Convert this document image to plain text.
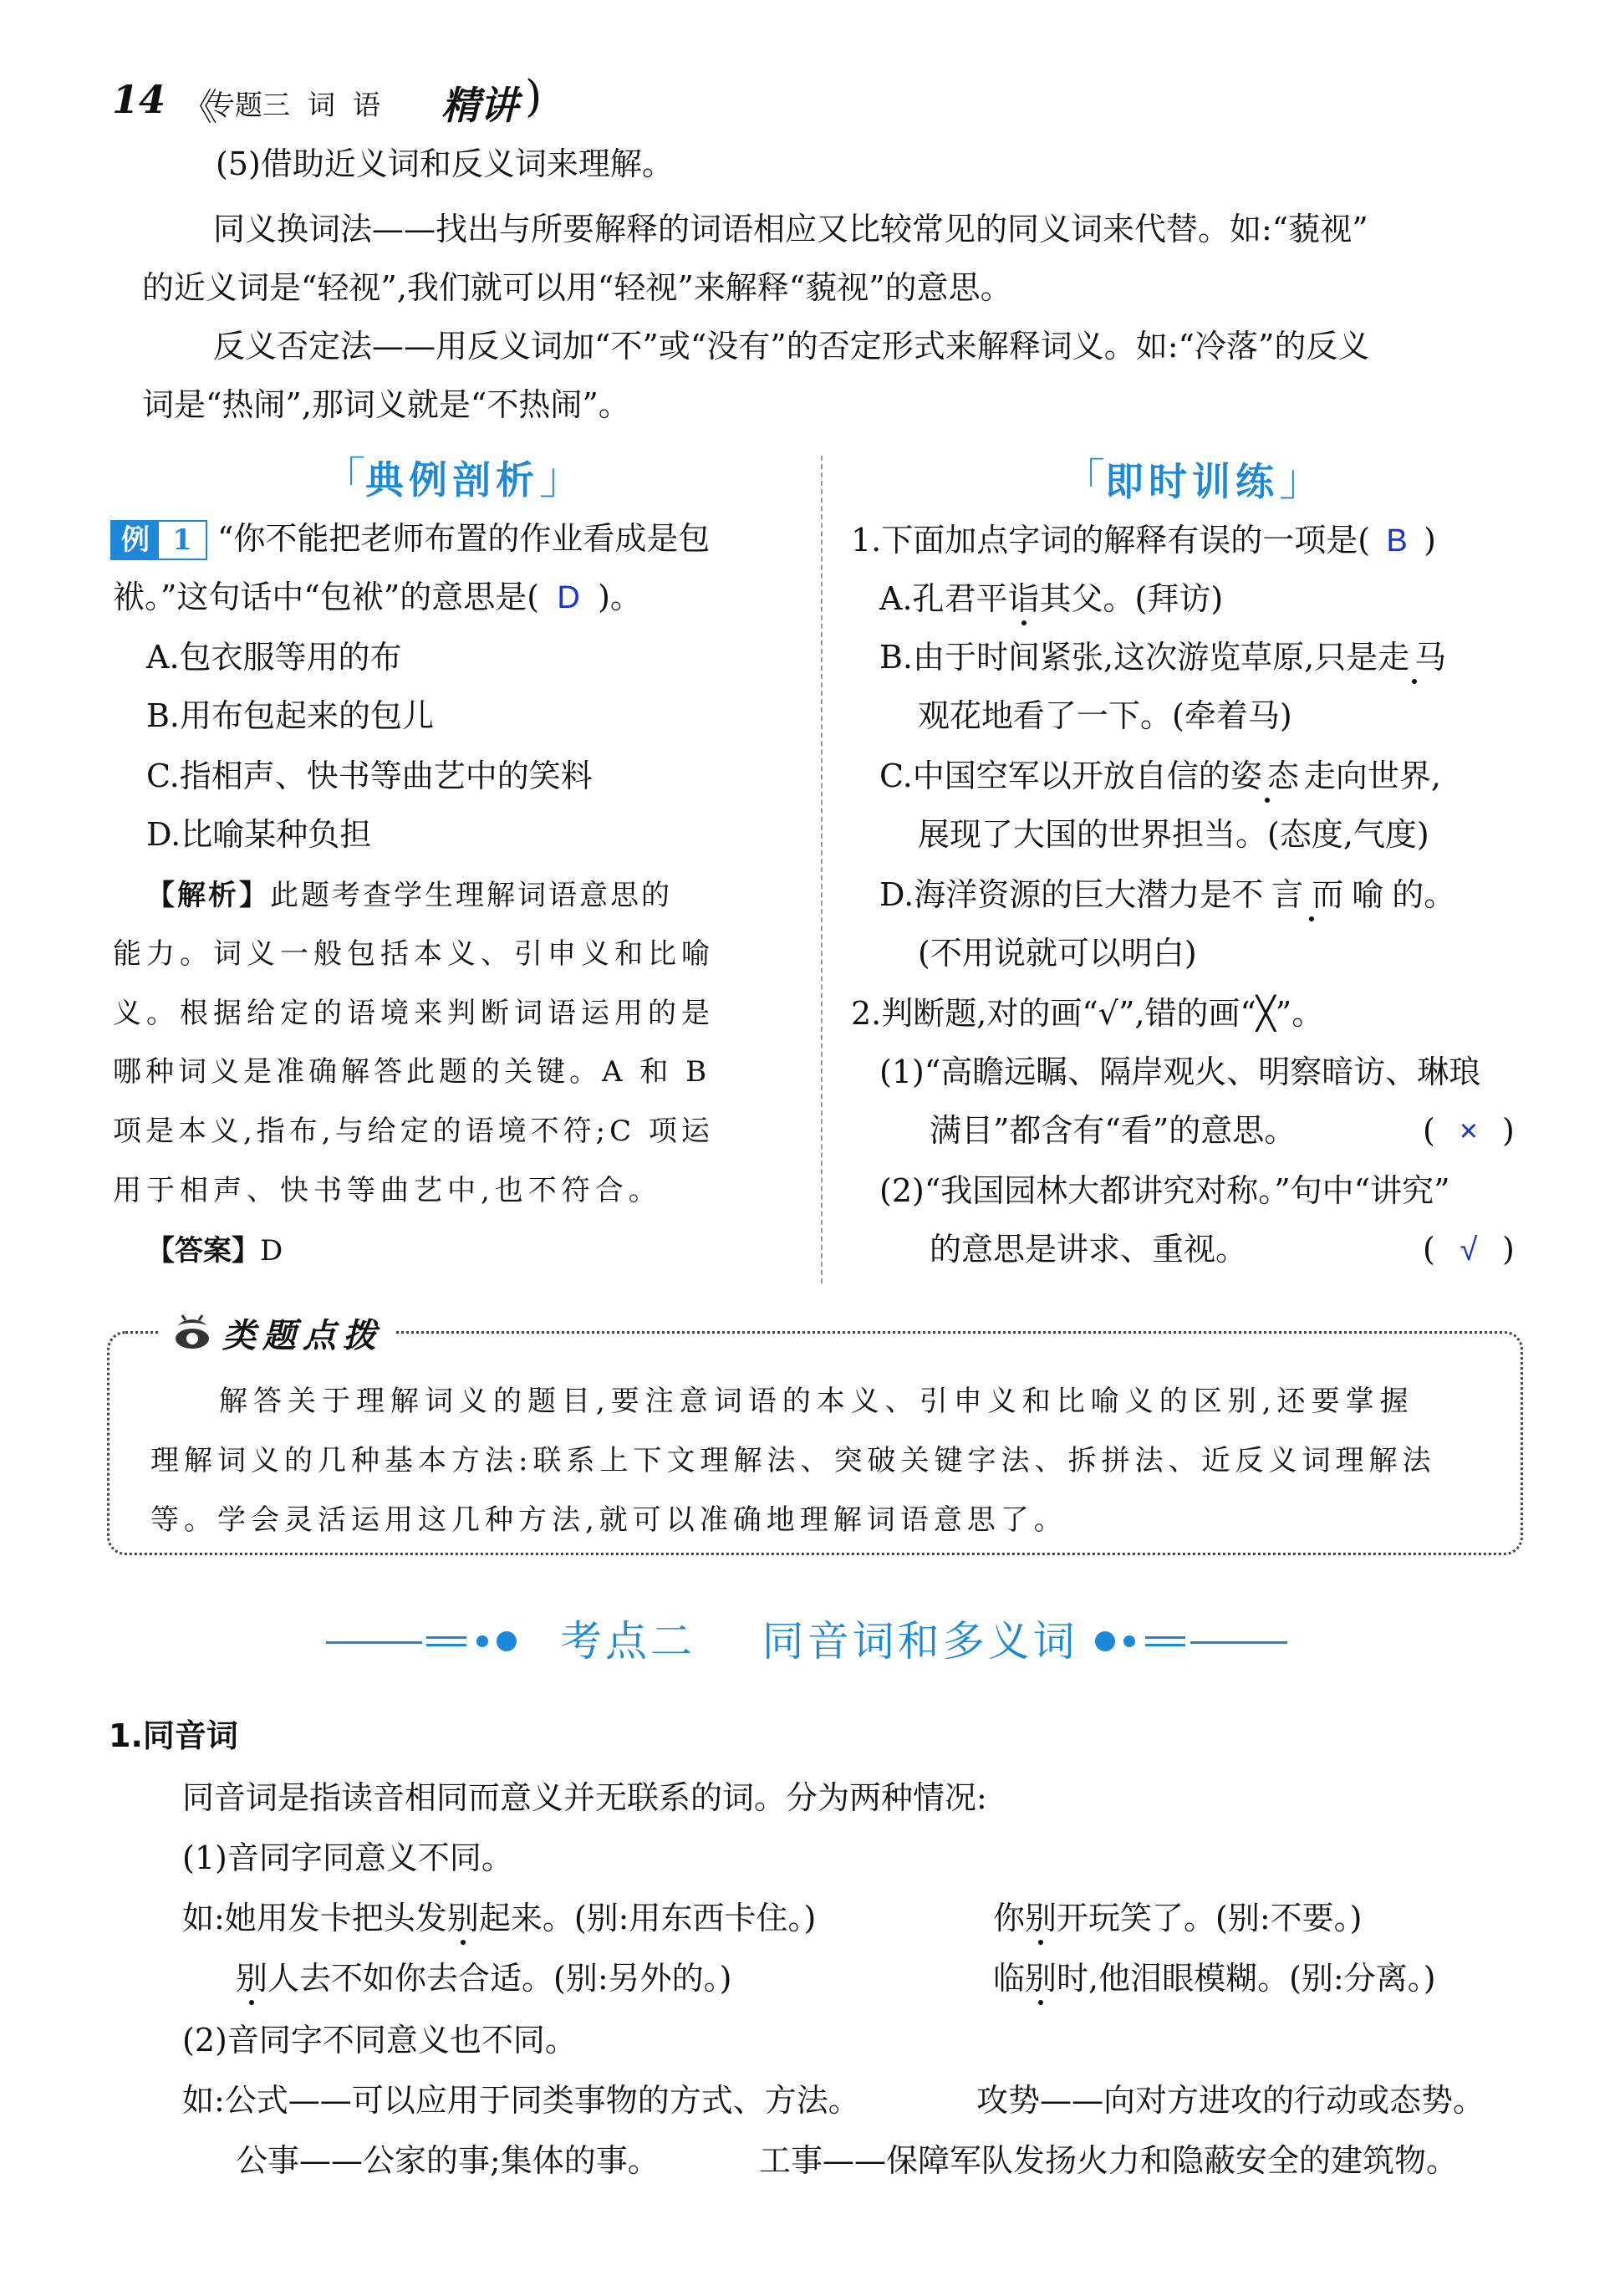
14 《
专题三  词  语 精讲 )
(5)借助近义词和反义词来理解。
同义换词法——找出与所要解释的词语相应又比较常见的同义词来代替。如:“藐视”
的近义词是“轻视”,我们就可以用“轻视”来解释“藐视”的意思。
反义否定法——用反义词加“不”或“没有”的否定形式来解释词义。如:“冷落”的反义
词是“热闹”,那词义就是“不热闹”。
「典例剖析」
例 1 “你不能把老师布置的作业看成是包
袱。”这句话中“包袱”的意思是( D )。
A.包衣服等用的布
B.用布包起来的包儿
C.指相声、快书等曲艺中的笑料
D.比喻某种负担
【解析】此题考查学生理解词语意思的
能力。词义一般包括本义、引申义和比喻
义。根据给定的语境来判断词语运用的是
哪种词义是准确解答此题的关键。A 和 B
项是本义,指布,与给定的语境不符;C 项运
用于相声、快书等曲艺中,也不符合。
【答案】D
「即时训练」
1.下面加点字词的解释有误的一项是( B )
A.孔君平诣其父。(拜访)
B.由于时间紧张,这次游览草原,只是走马
观花地看了一下。(牵着马)
C.中国空军以开放自信的姿态走向世界,
展现了大国的世界担当。(态度,气度)
D.海洋资源的巨大潜力是不言而喻的。
(不用说就可以明白)
2.判断题,对的画“√”,错的画“╳”。
(1)“高瞻远瞩、隔岸观火、明察暗访、琳琅
满目”都含有“看”的意思。	( × )
(2)“我国园林大都讲究对称。”句中“讲究”
的意思是讲求、重视。	( √ )
类题点拨
解答关于理解词义的题目,要注意词语的本义、引申义和比喻义的区别,还要掌握
理解词义的几种基本方法:联系上下文理解法、突破关键字法、拆拼法、近反义词理解法
等。学会灵活运用这几种方法,就可以准确地理解词语意思了。
考点二    同音词和多义词
1.同音词
同音词是指读音相同而意义并无联系的词。分为两种情况:
(1)音同字同意义不同。
如:她用发卡把头发别起来。(别:用东西卡住。)	你别开玩笑了。(别:不要。)
别人去不如你去合适。(别:另外的。)	临别时,他泪眼模糊。(别:分离。)
(2)音同字不同意义也不同。
如:公式——可以应用于同类事物的方式、方法。	攻势——向对方进攻的行动或态势。
公事——公家的事;集体的事。	工事——保障军队发扬火力和隐蔽安全的建筑物。
